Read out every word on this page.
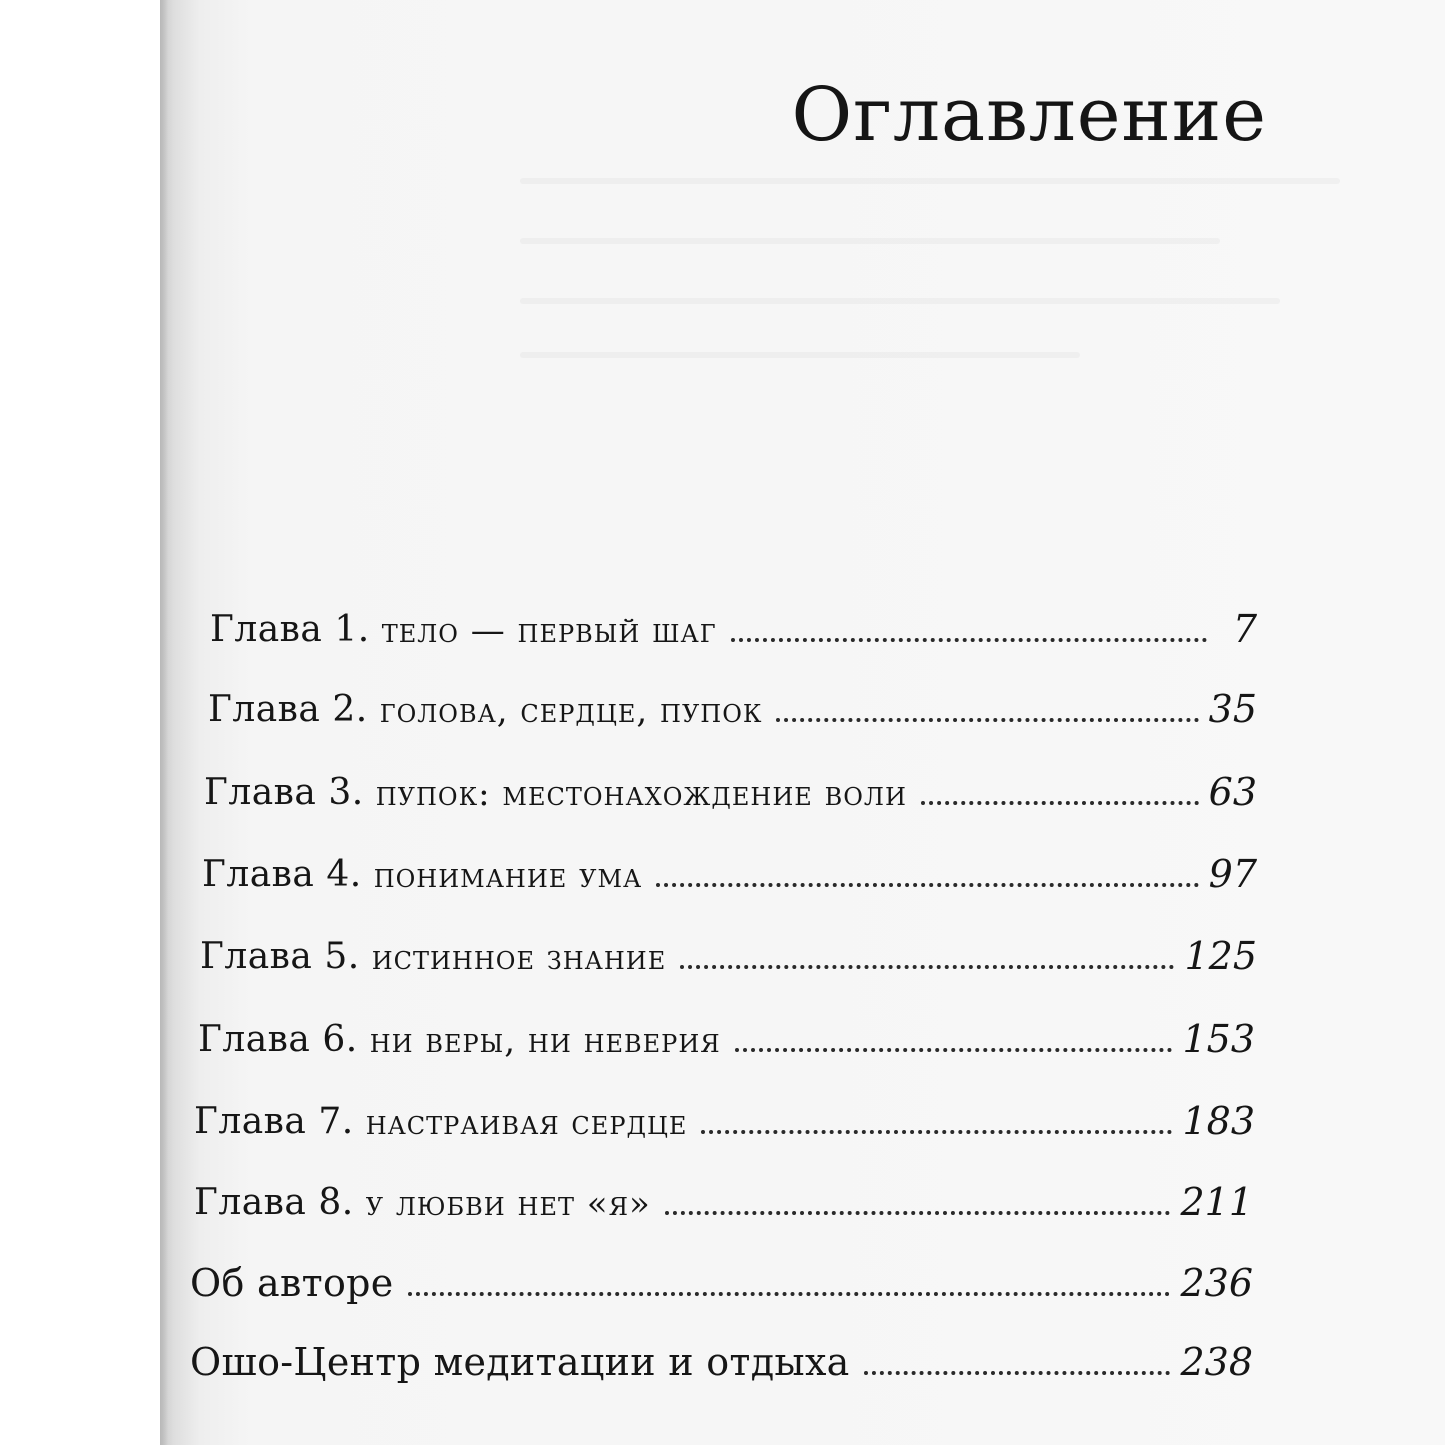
Оглавление
Глава 1. тело — первый шаг	7
Глава 2. голова, сердце, пупок	35
Глава 3. пупок: местонахождение воли	63
Глава 4. понимание ума	97
Глава 5. истинное знание	125
Глава 6. ни веры, ни неверия	153
Глава 7. настраивая сердце	183
Глава 8. у любви нет «я»	211
Об авторе	236
Ошо-Центр медитации и отдыха	238
